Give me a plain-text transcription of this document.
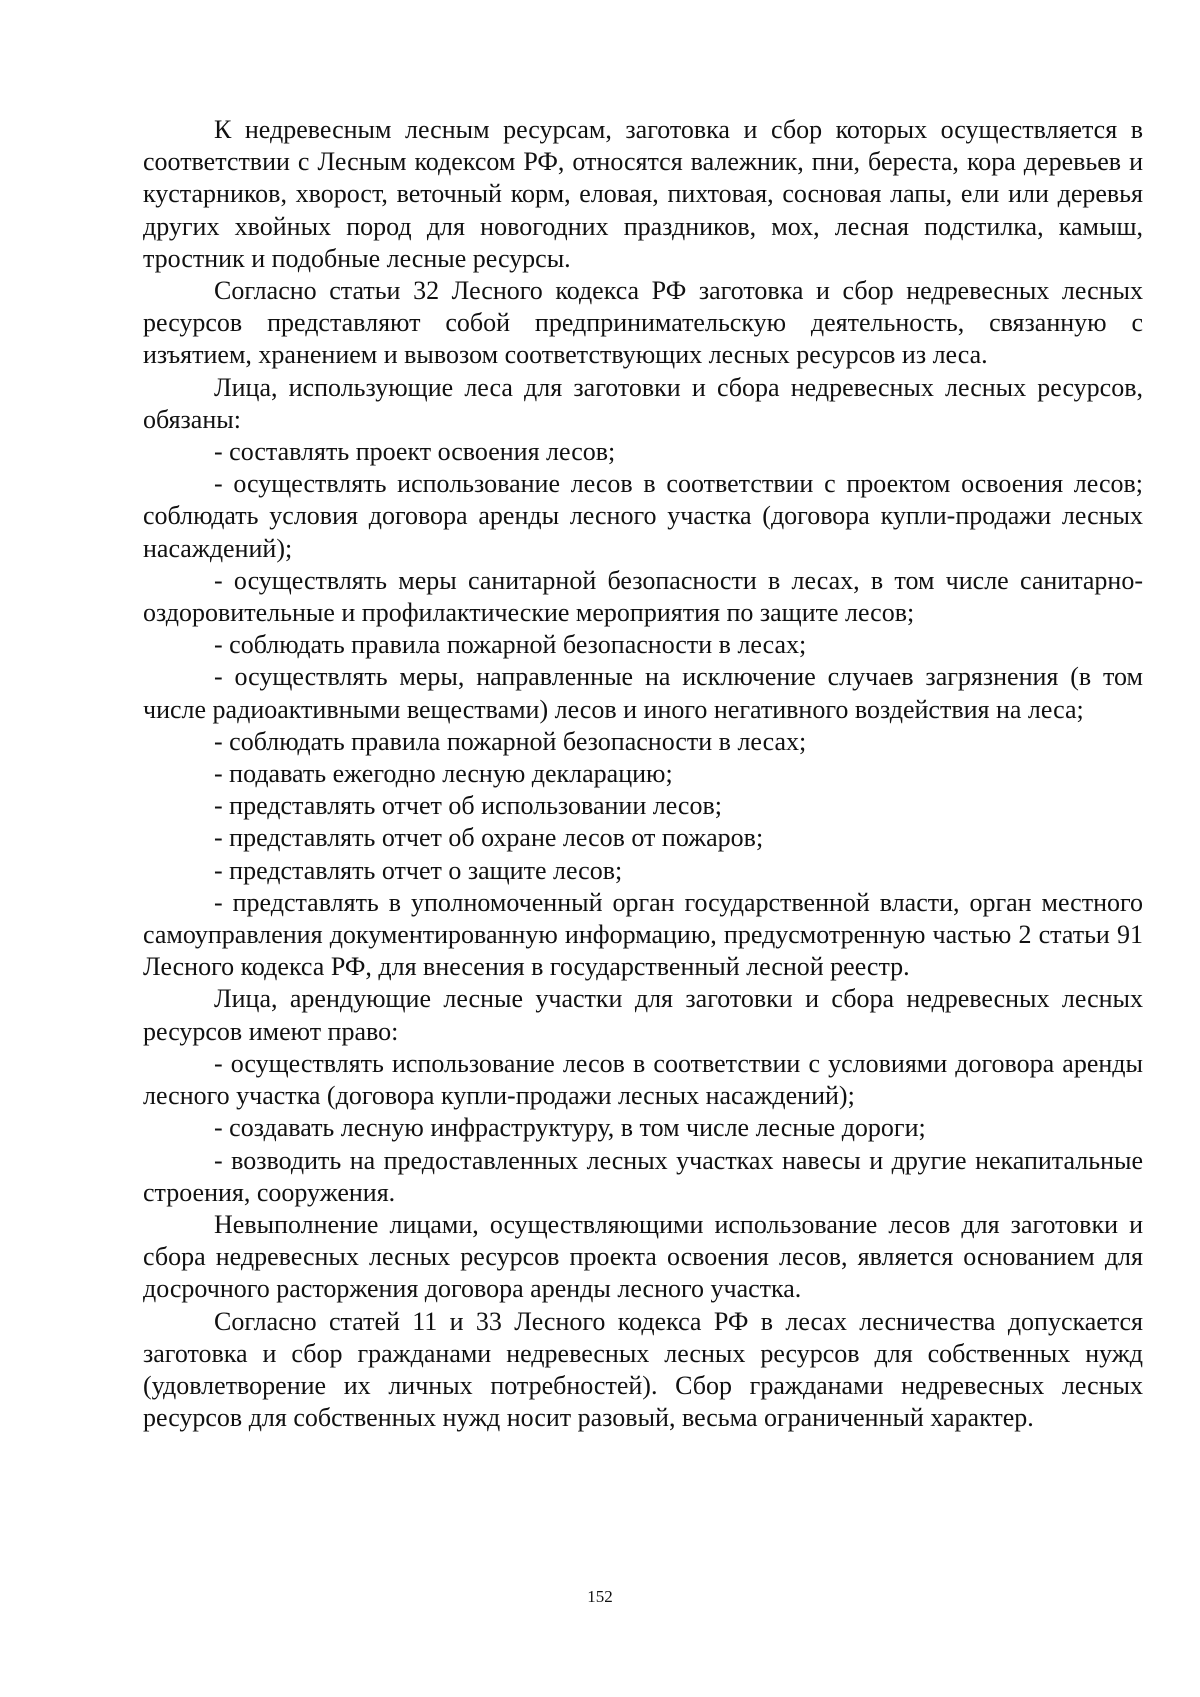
К недревесным лесным ресурсам, заготовка и сбор которых осуществляется в соответствии с Лесным кодексом РФ, относятся валежник, пни, береста, кора деревьев и кустарников, хворост, веточный корм, еловая, пихтовая, сосновая лапы, ели или деревья других хвойных пород для новогодних праздников, мох, лесная подстилка, камыш, тростник и подобные лесные ресурсы.

Согласно статьи 32 Лесного кодекса РФ заготовка и сбор недревесных лесных ресурсов представляют собой предпринимательскую деятельность, связанную с изъятием, хранением и вывозом соответствующих лесных ресурсов из леса.

Лица, использующие леса для заготовки и сбора недревесных лесных ресурсов, обязаны:

- составлять проект освоения лесов;

- осуществлять использование лесов в соответствии с проектом освоения лесов; соблюдать условия договора аренды лесного участка (договора купли-продажи лесных насаждений);

- осуществлять меры санитарной безопасности в лесах, в том числе санитарно-оздоровительные и профилактические мероприятия по защите лесов;

- соблюдать правила пожарной безопасности в лесах;

- осуществлять меры, направленные на исключение случаев загрязнения (в том числе радиоактивными веществами) лесов и иного негативного воздействия на леса;

- соблюдать правила пожарной безопасности в лесах;

- подавать ежегодно лесную декларацию;

- представлять отчет об использовании лесов;

- представлять отчет об охране лесов от пожаров;

- представлять отчет о защите лесов;

- представлять в уполномоченный орган государственной власти, орган местного самоуправления документированную информацию, предусмотренную частью 2 статьи 91 Лесного кодекса РФ, для внесения в государственный лесной реестр.

Лица, арендующие лесные участки для заготовки и сбора недревесных лесных ресурсов имеют право:

- осуществлять использование лесов в соответствии с условиями договора аренды лесного участка (договора купли-продажи лесных насаждений);

- создавать лесную инфраструктуру, в том числе лесные дороги;

- возводить на предоставленных лесных участках навесы и другие некапитальные строения, сооружения.

Невыполнение лицами, осуществляющими использование лесов для заготовки и сбора недревесных лесных ресурсов проекта освоения лесов, является основанием для досрочного расторжения договора аренды лесного участка.

Согласно статей 11 и 33 Лесного кодекса РФ в лесах лесничества допускается заготовка и сбор гражданами недревесных лесных ресурсов для собственных нужд (удовлетворение их личных потребностей). Сбор гражданами недревесных лесных ресурсов для собственных нужд носит разовый, весьма ограниченный характер.

152
